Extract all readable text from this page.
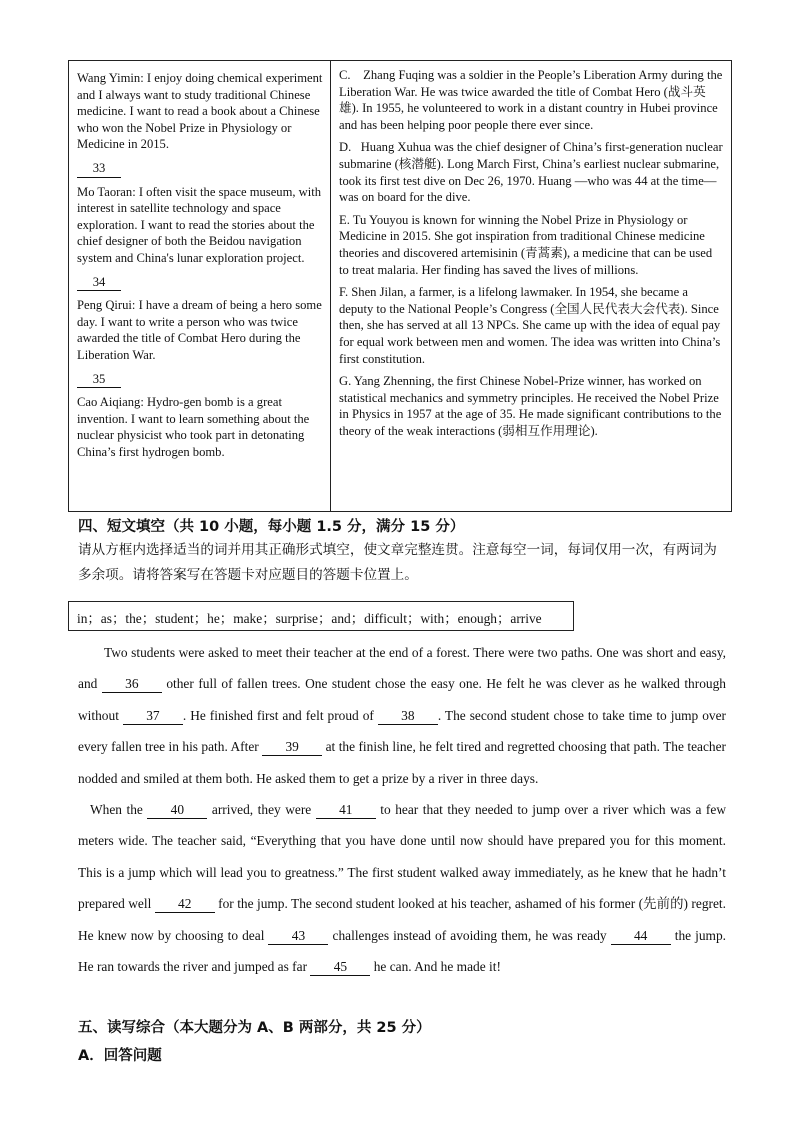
Wang Yimin: I enjoy doing chemical experiment and I always want to study traditional Chinese medicine. I want to read a book about a Chinese who won the Nobel Prize in Physiology or Medicine in 2015.

33

Mo Taoran: I often visit the space museum, with interest in satellite technology and space exploration. I want to read the stories about the chief designer of both the Beidou navigation system and China's lunar exploration project.

34

Peng Qirui: I have a dream of being a hero some day. I want to write a person who was twice awarded the title of Combat Hero during the Liberation War.

35

Cao Aiqiang: Hydro-gen bomb is a great invention. I want to learn something about the nuclear physicist who took part in detonating China’s first hydrogen bomb.

C.    Zhang Fuqing was a soldier in the People’s Liberation Army during the Liberation War. He was twice awarded the title of Combat Hero (战斗英雄). In 1955, he volunteered to work in a distant country in Hubei province and has been helping poor people there ever since.

D.   Huang Xuhua was the chief designer of China’s first-generation nuclear submarine (核潜艇). Long March First, China’s earliest nuclear submarine, took its first test dive on Dec 26, 1970. Huang —who was 44 at the time—was on board for the dive.

E. Tu Youyou is known for winning the Nobel Prize in Physiology or Medicine in 2015. She got inspiration from traditional Chinese medicine theories and discovered artemisinin (青蒿素), a medicine that can be used to treat malaria. Her finding has saved the lives of millions.

F. Shen Jilan, a farmer, is a lifelong lawmaker. In 1954, she became a deputy to the National People’s Congress (全国人民代表大会代表). Since then, she has served at all 13 NPCs. She came up with the idea of equal pay for equal work between men and women. The idea was written into China’s first constitution.

G. Yang Zhenning, the first Chinese Nobel-Prize winner, has worked on statistical mechanics and symmetry principles. He received the Nobel Prize in Physics in 1957 at the age of 35. He made significant contributions to the theory of the weak interactions (弱相互作用理论).

四、短文填空（共 10 小题，每小题 1.5 分，满分 15 分）
请从方框内选择适当的词并用其正确形式填空，使文章完整连贯。注意每空一词，每词仅用一次，有两词为多余项。请将答案写在答题卡对应题目的答题卡位置上。
in；as；the；student；he；make；surprise；and；difficult；with；enough；arrive

Two students were asked to meet their teacher at the end of a forest. There were two paths. One was short and easy, and 36 other full of fallen trees. One student chose the easy one. He felt he was clever as he walked through without 37 . He finished first and felt proud of 38 . The second student chose to take time to jump over every fallen tree in his path. After 39 at the finish line, he felt tired and regretted choosing that path. The teacher nodded and smiled at them both. He asked them to get a prize by a river in three days.

When the 40 arrived, they were 41 to hear that they needed to jump over a river which was a few meters wide. The teacher said, “Everything that you have done until now should have prepared you for this moment. This is a jump which will lead you to greatness.” The first student walked away immediately, as he knew that he hadn’t prepared well 42 for the jump. The second student looked at his teacher, ashamed of his former (先前的) regret. He knew now by choosing to deal 43 challenges instead of avoiding them, he was ready 44 the jump. He ran towards the river and jumped as far 45 he can. And he made it!

五、读写综合（本大题分为 A、B 两部分，共 25 分）
A．回答问题
